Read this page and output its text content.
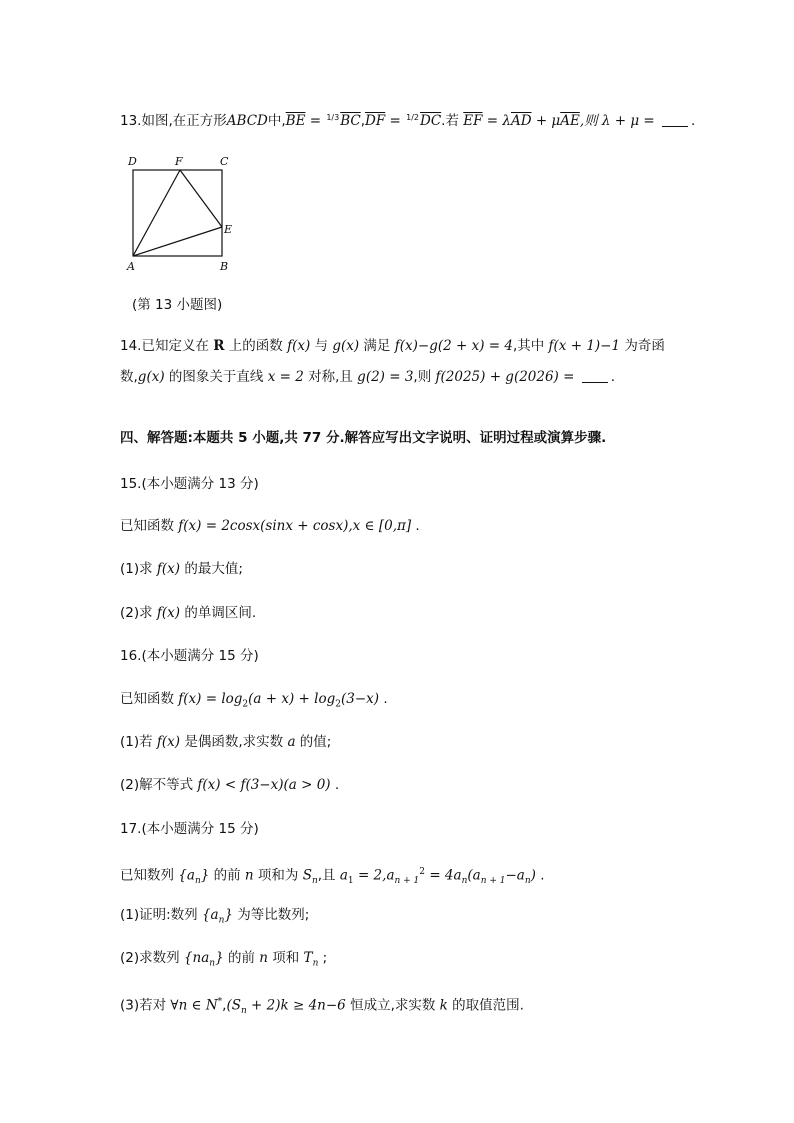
13.如图,在正方形ABCD中$,\overline{BE} = 1/3\overline{BC},\overline{DF} = 1/2\overline{DC}$.若 $\overline{EF} = \lambda\overline{AD} + \mu\overline{AE}$,则 λ + μ = .
D	F	C
E
A	B
(第 13 小题图)
14.已知定义在 R 上的函数 f(x) 与 g(x) 满足 f(x)−g(2 + x) = 4,其中 f(x + 1)−1 为奇函
数,g(x) 的图象关于直线 x = 2 对称,且 g(2) = 3,则 f(2025) + g(2026) = .
四、解答题:本题共 5 小题,共 77 分.解答应写出文字说明、证明过程或演算步骤.
15.(本小题满分 13 分)
已知函数 f(x) = 2cosx(sinx + cosx),x ∈ [0,π] .
(1)求 f(x) 的最大值;
(2)求 f(x) 的单调区间.
16.(本小题满分 15 分)
已知函数 $f(x) = \log_2(a + x) + \log_2(3-x)$ .
(1)若 f(x) 是偶函数,求实数 a 的值;
(2)解不等式 f(x) < f(3−x)(a > 0) .
17.(本小题满分 15 分)
已知数列 $\{a_n\}$ 的前 n 项和为 $S_n$,且 $a_1 = 2,a_{n + 1}^2 = 4a_n(a_{n + 1}-a_n)$ .
(1)证明:数列 $\{a_n\}$ 为等比数列;
(2)求数列 $\{na_n\}$ 的前 n 项和 $T_n$ ;
(3)若对 ∀n ∈ $N^*,(S_n + 2)k \ge 4n-6$ 恒成立,求实数 k 的取值范围.
